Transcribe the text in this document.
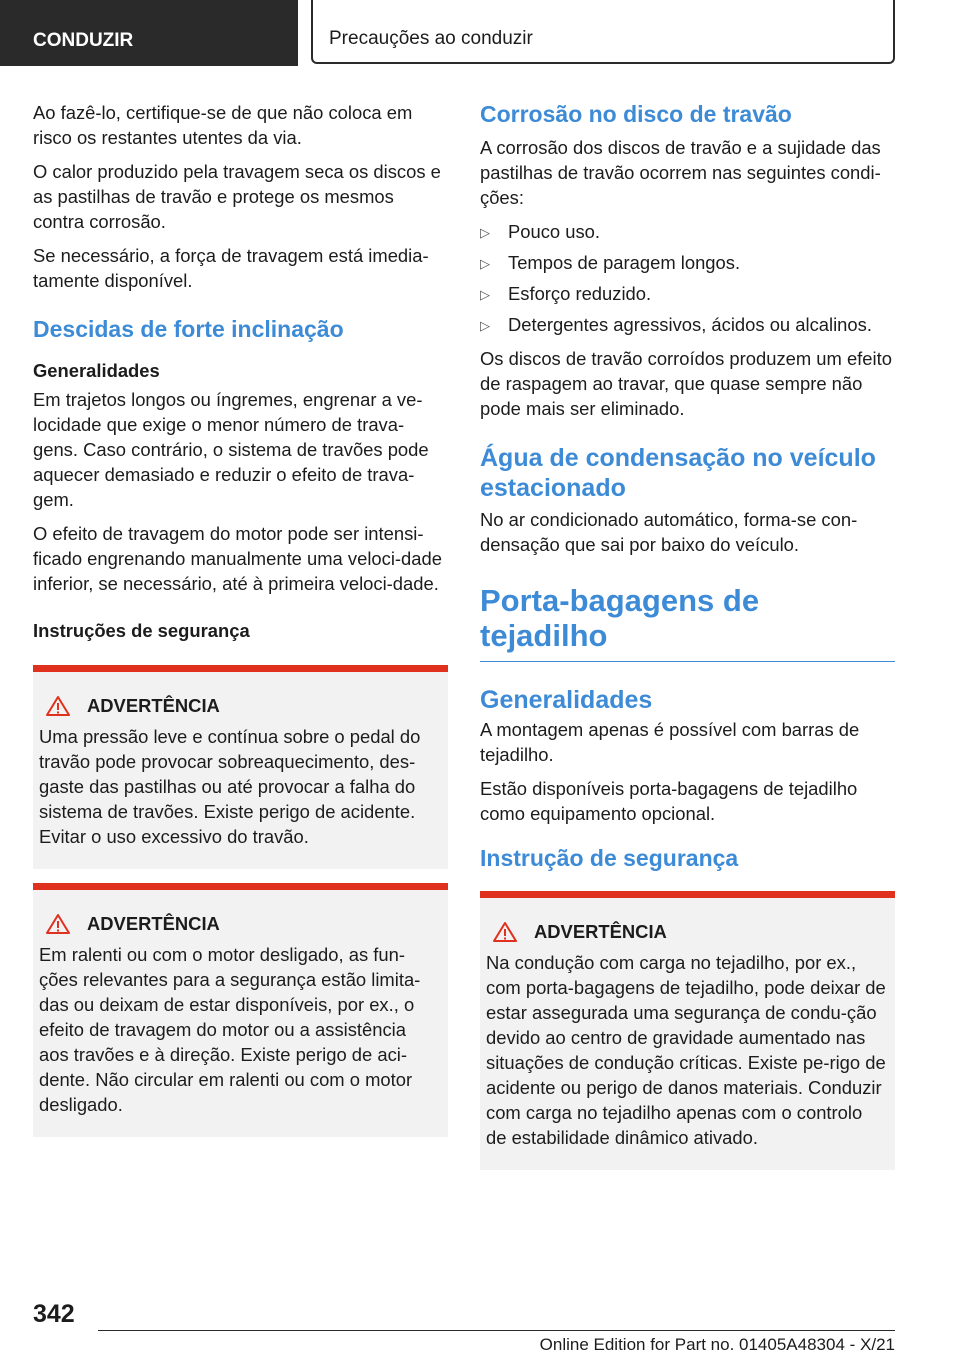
CONDUZIR	Precauções ao conduzir

Ao fazê-lo, certifique-se de que não coloca em risco os restantes utentes da via.

O calor produzido pela travagem seca os discos e as pastilhas de travão e protege os mesmos contra corrosão.

Se necessário, a força de travagem está imedia-tamente disponível.

Descidas de forte inclinação
Generalidades

Em trajetos longos ou íngremes, engrenar a ve-locidade que exige o menor número de trava-gens. Caso contrário, o sistema de travões pode aquecer demasiado e reduzir o efeito de trava-gem.

O efeito de travagem do motor pode ser intensi-ficado engrenando manualmente uma veloci-dade inferior, se necessário, até à primeira veloci-dade.

Instruções de segurança
ADVERTÊNCIA

Uma pressão leve e contínua sobre o pedal do travão pode provocar sobreaquecimento, des-gaste das pastilhas ou até provocar a falha do sistema de travões. Existe perigo de acidente. Evitar o uso excessivo do travão.

ADVERTÊNCIA

Em ralenti ou com o motor desligado, as fun-ções relevantes para a segurança estão limita-das ou deixam de estar disponíveis, por ex., o efeito de travagem do motor ou a assistência aos travões e à direção. Existe perigo de aci-dente. Não circular em ralenti ou com o motor desligado.

Corrosão no disco de travão

A corrosão dos discos de travão e a sujidade das pastilhas de travão ocorrem nas seguintes condi-ções:

▷ Pouco uso.
▷ Tempos de paragem longos.
▷ Esforço reduzido.
▷ Detergentes agressivos, ácidos ou alcalinos.

Os discos de travão corroídos produzem um efeito de raspagem ao travar, que quase sempre não pode mais ser eliminado.

Água de condensação no veículo estacionado

No ar condicionado automático, forma-se con-densação que sai por baixo do veículo.

Porta-bagagens de tejadilho
Generalidades

A montagem apenas é possível com barras de tejadilho.

Estão disponíveis porta-bagagens de tejadilho como equipamento opcional.

Instrução de segurança
ADVERTÊNCIA

Na condução com carga no tejadilho, por ex., com porta-bagagens de tejadilho, pode deixar de estar assegurada uma segurança de condu-ção devido ao centro de gravidade aumentado nas situações de condução críticas. Existe pe-rigo de acidente ou perigo de danos materiais. Conduzir com carga no tejadilho apenas com o controlo de estabilidade dinâmico ativado.

342
Online Edition for Part no. 01405A48304 - X/21
